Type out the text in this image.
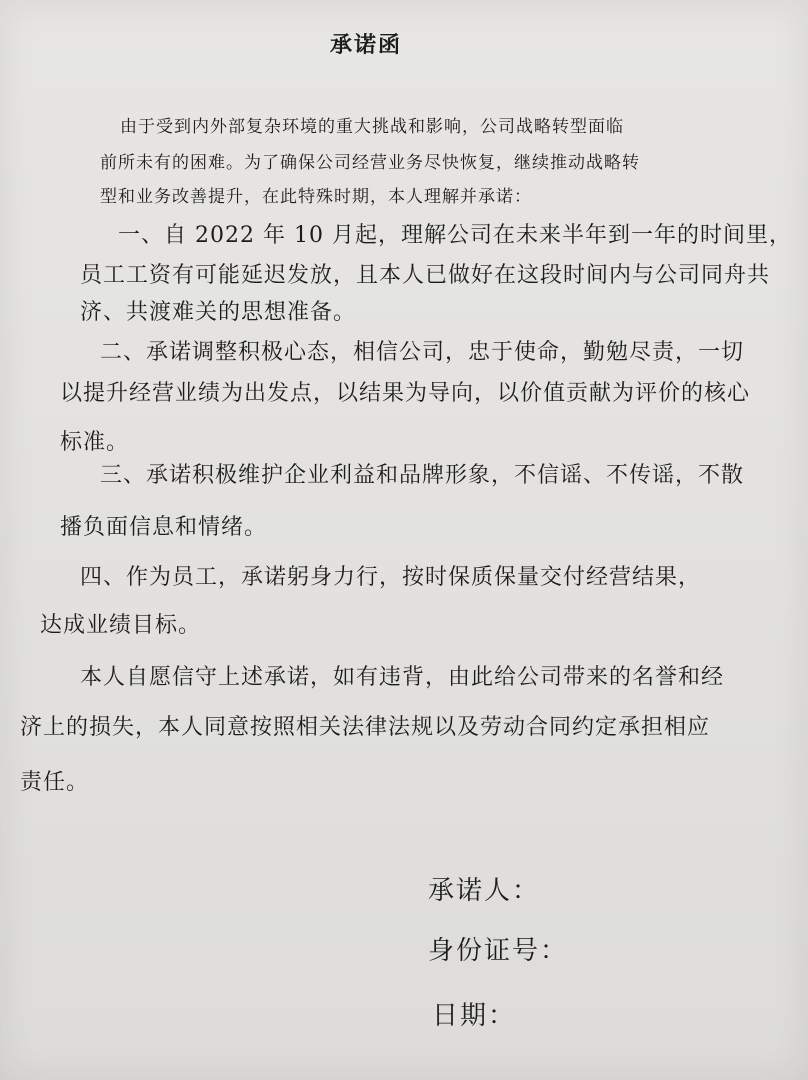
承诺函
由于受到内外部复杂环境的重大挑战和影响，公司战略转型面临
前所未有的困难。为了确保公司经营业务尽快恢复，继续推动战略转
型和业务改善提升，在此特殊时期，本人理解并承诺：
一、自 2022 年 10 月起，理解公司在未来半年到一年的时间里，
员工工资有可能延迟发放，且本人已做好在这段时间内与公司同舟共
济、共渡难关的思想准备。
二、承诺调整积极心态，相信公司，忠于使命，勤勉尽责，一切
以提升经营业绩为出发点，以结果为导向，以价值贡献为评价的核心
标准。
三、承诺积极维护企业利益和品牌形象，不信谣、不传谣，不散
播负面信息和情绪。
四、作为员工，承诺躬身力行，按时保质保量交付经营结果，
达成业绩目标。
本人自愿信守上述承诺，如有违背，由此给公司带来的名誉和经
济上的损失，本人同意按照相关法律法规以及劳动合同约定承担相应
责任。
承诺人：
身份证号：
日期：
